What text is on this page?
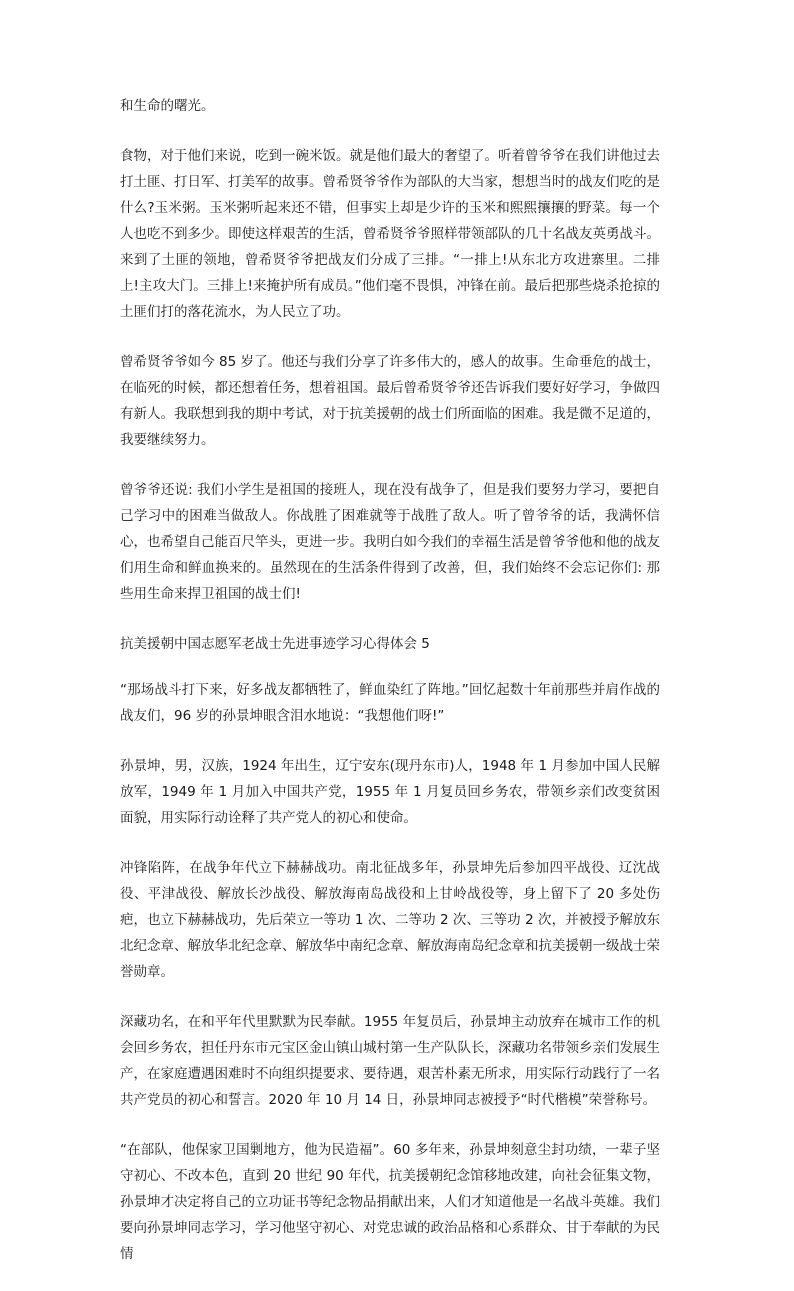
和生命的曙光。

食物，对于他们来说，吃到一碗米饭。就是他们最大的奢望了。听着曾爷爷在我们讲他过去打土匪、打日军、打美军的故事。曾希贤爷爷作为部队的大当家，想想当时的战友们吃的是什么?玉米粥。玉米粥听起来还不错，但事实上却是少许的玉米和熙熙攘攘的野菜。每一个人也吃不到多少。即使这样艰苦的生活，曾希贤爷爷照样带领部队的几十名战友英勇战斗。来到了土匪的领地，曾希贤爷爷把战友们分成了三排。“一排上!从东北方攻进寨里。二排上!主攻大门。三排上!来掩护所有成员。”他们毫不畏惧，冲锋在前。最后把那些烧杀抢掠的土匪们打的落花流水，为人民立了功。

曾希贤爷爷如今 85 岁了。他还与我们分享了许多伟大的，感人的故事。生命垂危的战士，在临死的时候，都还想着任务，想着祖国。最后曾希贤爷爷还告诉我们要好好学习，争做四有新人。我联想到我的期中考试，对于抗美援朝的战士们所面临的困难。我是微不足道的，我要继续努力。

曾爷爷还说: 我们小学生是祖国的接班人，现在没有战争了，但是我们要努力学习，要把自己学习中的困难当做敌人。你战胜了困难就等于战胜了敌人。听了曾爷爷的话，我满怀信心，也希望自己能百尺竿头，更进一步。我明白如今我们的幸福生活是曾爷爷他和他的战友们用生命和鲜血换来的。虽然现在的生活条件得到了改善，但，我们始终不会忘记你们: 那些用生命来捍卫祖国的战士们!

抗美援朝中国志愿军老战士先进事迹学习心得体会 5

“那场战斗打下来，好多战友都牺牲了，鲜血染红了阵地。”回忆起数十年前那些并肩作战的战友们，96 岁的孙景坤眼含泪水地说：“我想他们呀!”

孙景坤，男，汉族，1924 年出生，辽宁安东(现丹东市)人，1948 年 1 月参加中国人民解放军，1949 年 1 月加入中国共产党，1955 年 1 月复员回乡务农，带领乡亲们改变贫困面貌，用实际行动诠释了共产党人的初心和使命。

冲锋陷阵，在战争年代立下赫赫战功。南北征战多年，孙景坤先后参加四平战役、辽沈战役、平津战役、解放长沙战役、解放海南岛战役和上甘岭战役等，身上留下了 20 多处伤疤，也立下赫赫战功，先后荣立一等功 1 次、二等功 2 次、三等功 2 次，并被授予解放东北纪念章、解放华北纪念章、解放华中南纪念章、解放海南岛纪念章和抗美援朝一级战士荣誉勋章。

深藏功名，在和平年代里默默为民奉献。1955 年复员后，孙景坤主动放弃在城市工作的机会回乡务农，担任丹东市元宝区金山镇山城村第一生产队队长，深藏功名带领乡亲们发展生产，在家庭遭遇困难时不向组织提要求、要待遇，艰苦朴素无所求，用实际行动践行了一名共产党员的初心和誓言。2020 年 10 月 14 日，孙景坤同志被授予“时代楷模”荣誉称号。

“在部队，他保家卫国剿地方，他为民造福”。60 多年来，孙景坤刻意尘封功绩，一辈子坚守初心、不改本色，直到 20 世纪 90 年代，抗美援朝纪念馆移地改建，向社会征集文物，孙景坤才决定将自己的立功证书等纪念物品捐献出来，人们才知道他是一名战斗英雄。我们要向孙景坤同志学习，学习他坚守初心、对党忠诚的政治品格和心系群众、甘于奉献的为民情
